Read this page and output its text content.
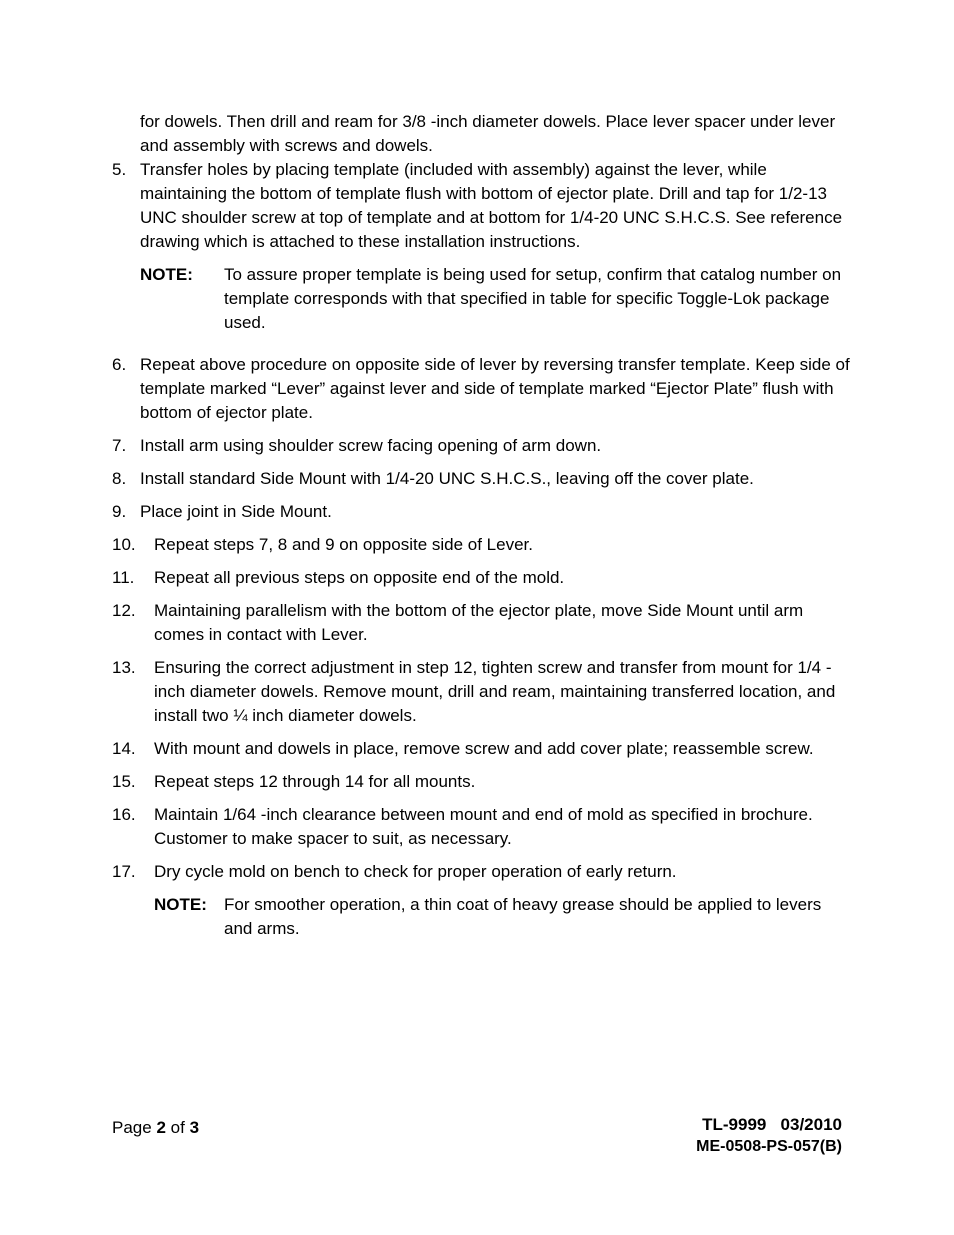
for dowels. Then drill and ream for 3/8 -inch diameter dowels. Place lever spacer under lever and assembly with screws and dowels.
5. Transfer holes by placing template (included with assembly) against the lever, while maintaining the bottom of template flush with bottom of ejector plate. Drill and tap for 1/2-13 UNC shoulder screw at top of template and at bottom for 1/4-20 UNC S.H.C.S. See reference drawing which is attached to these installation instructions.
NOTE:	To assure proper template is being used for setup, confirm that catalog number on template corresponds with that specified in table for specific Toggle-Lok package used.
6. Repeat above procedure on opposite side of lever by reversing transfer template. Keep side of template marked “Lever” against lever and side of template marked “Ejector Plate” flush with bottom of ejector plate.
7. Install arm using shoulder screw facing opening of arm down.
8. Install standard Side Mount with 1/4-20 UNC S.H.C.S., leaving off the cover plate.
9. Place joint in Side Mount.
10.	Repeat steps 7, 8 and 9 on opposite side of Lever.
11.	Repeat all previous steps on opposite end of the mold.
12.	Maintaining parallelism with the bottom of the ejector plate, move Side Mount until arm comes in contact with Lever.
13.	Ensuring the correct adjustment in step 12, tighten screw and transfer from mount for 1/4 -inch diameter dowels. Remove mount, drill and ream, maintaining transferred location, and install two ¼ inch diameter dowels.
14.	With mount and dowels in place, remove screw and add cover plate; reassemble screw.
15.	Repeat steps 12 through 14 for all mounts.
16.	Maintain 1/64 -inch clearance between mount and end of mold as specified in brochure. Customer to make spacer to suit, as necessary.
17.	Dry cycle mold on bench to check for proper operation of early return.
NOTE:	For smoother operation, a thin coat of heavy grease should be applied to levers and arms.
Page 2 of 3	TL-9999   03/2010
ME-0508-PS-057(B)
